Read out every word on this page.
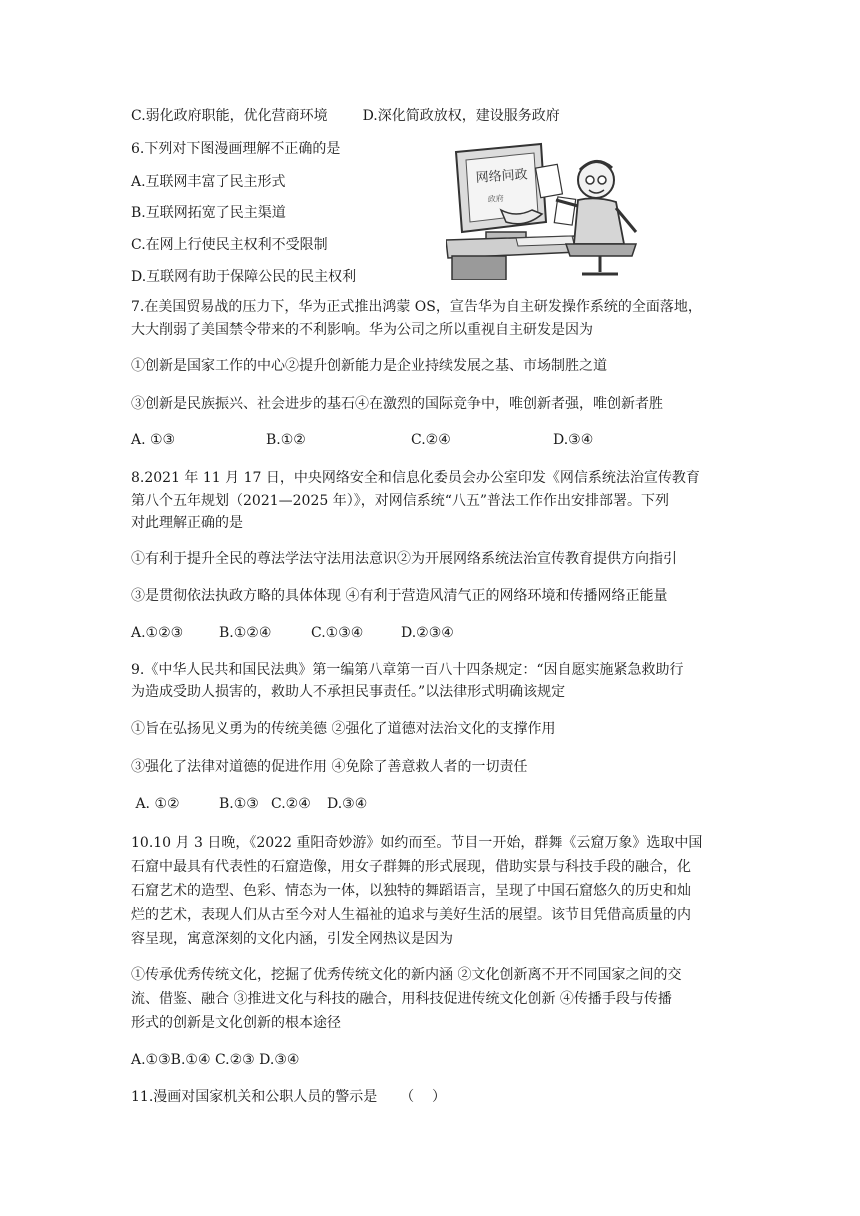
C.弱化政府职能，优化营商环境 D.深化简政放权，建设服务政府
6.下列对下图漫画理解不正确的是
A.互联网丰富了民主形式
B.互联网拓宽了民主渠道
C.在网上行使民主权利不受限制
D.互联网有助于保障公民的民主权利
网络问政
政府
7.在美国贸易战的压力下，华为正式推出鸿蒙 OS，宣告华为自主研发操作系统的全面落地，
大大削弱了美国禁令带来的不利影响。华为公司之所以重视自主研发是因为
①创新是国家工作的中心②提升创新能力是企业持续发展之基、市场制胜之道
③创新是民族振兴、社会进步的基石④在激烈的国际竞争中，唯创新者强，唯创新者胜
A. ①③	B.①②	C.②④	D.③④
8.2021 年 11 月 17 日，中央网络安全和信息化委员会办公室印发《网信系统法治宣传教育
第八个五年规划（2021—2025 年）》，对网信系统“八五”普法工作作出安排部署。下列
对此理解正确的是
①有利于提升全民的尊法学法守法用法意识②为开展网络系统法治宣传教育提供方向指引
③是贯彻依法执政方略的具体体现 ④有利于营造风清气正的网络环境和传播网络正能量
A.①②③	B.①②④	C.①③④	D.②③④
9.《中华人民共和国民法典》第一编第八章第一百八十四条规定：“因自愿实施紧急救助行
为造成受助人损害的，救助人不承担民事责任。”以法律形式明确该规定
①旨在弘扬见义勇为的传统美德 ②强化了道德对法治文化的支撑作用
③强化了法律对道德的促进作用 ④免除了善意救人者的一切责任
A. ①②	B.①③ C.②④ D.③④
10.10 月 3 日晚，《2022 重阳奇妙游》如约而至。节目一开始，群舞《云窟万象》选取中国
石窟中最具有代表性的石窟造像，用女子群舞的形式展现，借助实景与科技手段的融合，化
石窟艺术的造型、色彩、情态为一体，以独特的舞蹈语言，呈现了中国石窟悠久的历史和灿
烂的艺术，表现人们从古至今对人生福祉的追求与美好生活的展望。该节目凭借高质量的内
容呈现，寓意深刻的文化内涵，引发全网热议是因为
①传承优秀传统文化，挖掘了优秀传统文化的新内涵 ②文化创新离不开不同国家之间的交
流、借鉴、融合 ③推进文化与科技的融合，用科技促进传统文化创新 ④传播手段与传播
形式的创新是文化创新的根本途径
A.①③B.①④ C.②③ D.③④
11.漫画对国家机关和公职人员的警示是 （    ）
